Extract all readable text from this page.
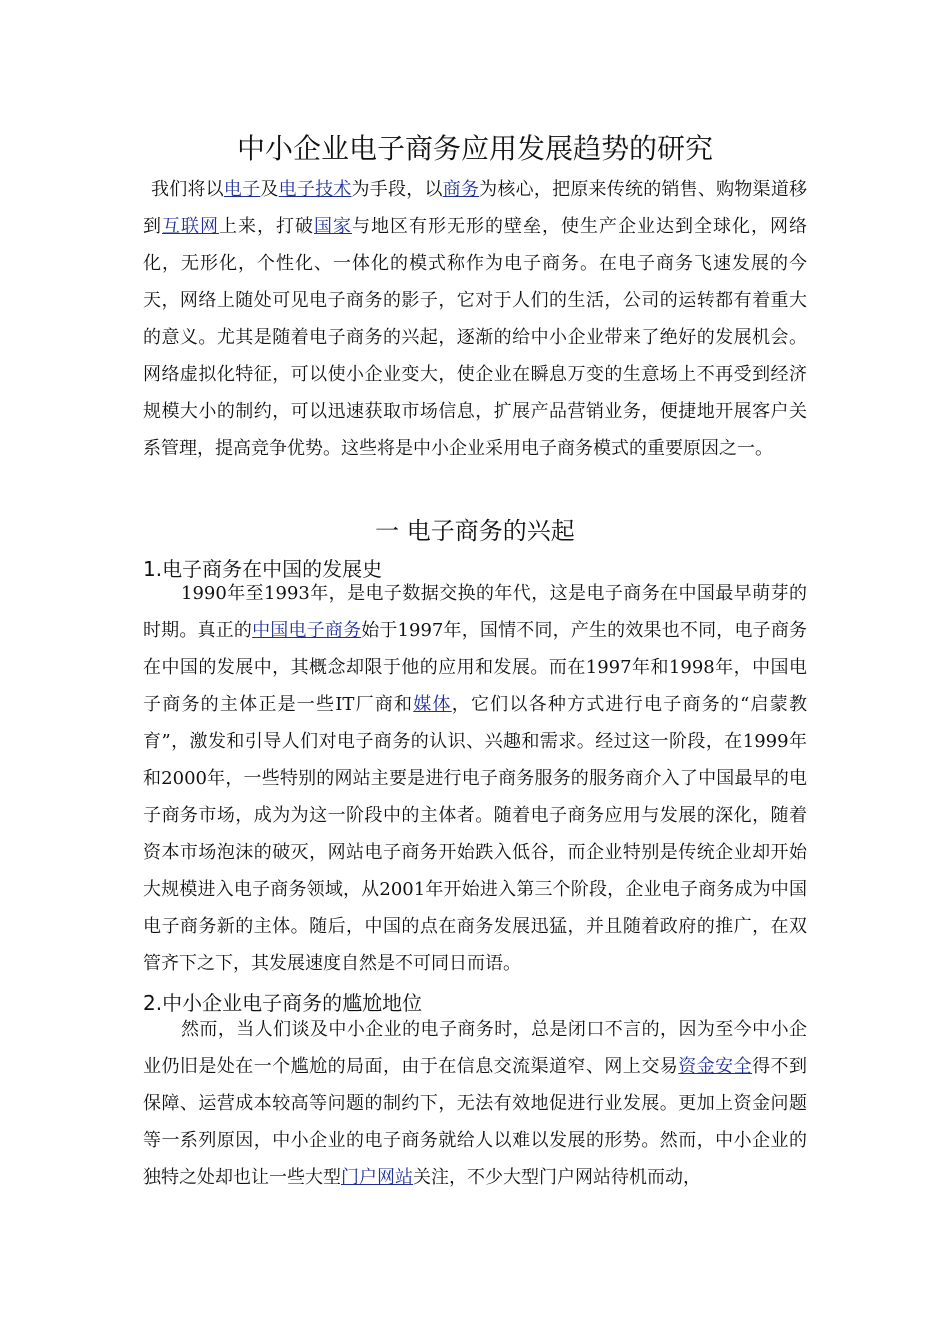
中小企业电子商务应用发展趋势的研究

我们将以电子及电子技术为手段，以商务为核心，把原来传统的销售、购物渠道移到互联网上来，打破国家与地区有形无形的壁垒，使生产企业达到全球化，网络化，无形化，个性化、一体化的模式称作为电子商务。在电子商务飞速发展的今天，网络上随处可见电子商务的影子，它对于人们的生活，公司的运转都有着重大的意义。尤其是随着电子商务的兴起，逐渐的给中小企业带来了绝好的发展机会。网络虚拟化特征，可以使小企业变大，使企业在瞬息万变的生意场上不再受到经济规模大小的制约，可以迅速获取市场信息，扩展产品营销业务，便捷地开展客户关系管理，提高竞争优势。这些将是中小企业采用电子商务模式的重要原因之一。

一 电子商务的兴起
1.电子商务在中国的发展史

1990年至1993年，是电子数据交换的年代，这是电子商务在中国最早萌芽的时期。真正的中国电子商务始于1997年，国情不同，产生的效果也不同，电子商务在中国的发展中，其概念却限于他的应用和发展。而在1997年和1998年，中国电子商务的主体正是一些IT厂商和媒体，它们以各种方式进行电子商务的“启蒙教育”，激发和引导人们对电子商务的认识、兴趣和需求。经过这一阶段，在1999年和2000年，一些特别的网站主要是进行电子商务服务的服务商介入了中国最早的电子商务市场，成为为这一阶段中的主体者。随着电子商务应用与发展的深化，随着资本市场泡沫的破灭，网站电子商务开始跌入低谷，而企业特别是传统企业却开始大规模进入电子商务领域，从2001年开始进入第三个阶段，企业电子商务成为中国电子商务新的主体。随后，中国的点在商务发展迅猛，并且随着政府的推广，在双管齐下之下，其发展速度自然是不可同日而语。

2.中小企业电子商务的尴尬地位

然而，当人们谈及中小企业的电子商务时，总是闭口不言的，因为至今中小企业仍旧是处在一个尴尬的局面，由于在信息交流渠道窄、网上交易资金安全得不到保障、运营成本较高等问题的制约下，无法有效地促进行业发展。更加上资金问题等一系列原因，中小企业的电子商务就给人以难以发展的形势。然而，中小企业的独特之处却也让一些大型门户网站关注，不少大型门户网站待机而动，
